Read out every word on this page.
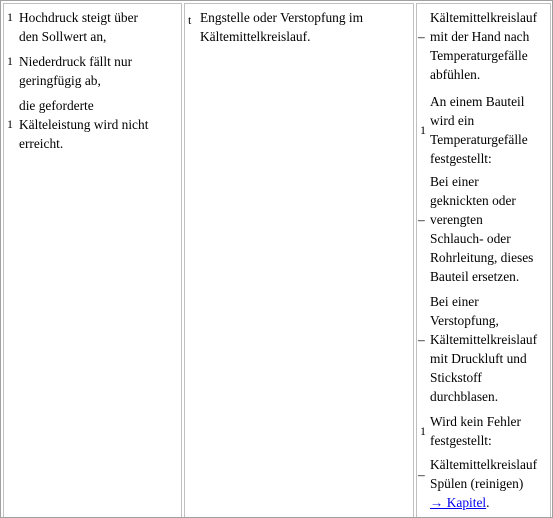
1 Hochdruck steigt über
den Sollwert an,
1 Niederdruck fällt nur
geringfügig ab,
1
die geforderte
Kälteleistung wird nicht
erreicht.
t Engstelle oder Verstopfung im
Kältemittelkreislauf.	–
Kältemittelkreislauf
mit der Hand nach
Temperaturgefälle
abfühlen.
1
An einem Bauteil
wird ein
Temperaturgefälle
festgestellt:
–
Bei einer
geknickten oder
verengten
Schlauch- oder
Rohrleitung, dieses
Bauteil ersetzen.
–
Bei einer
Verstopfung,
Kältemittelkreislauf
mit Druckluft und
Stickstoff
durchblasen.
1
Wird kein Fehler
festgestellt:
–
Kältemittelkreislauf
Spülen (reinigen)
→ Kapitel.
